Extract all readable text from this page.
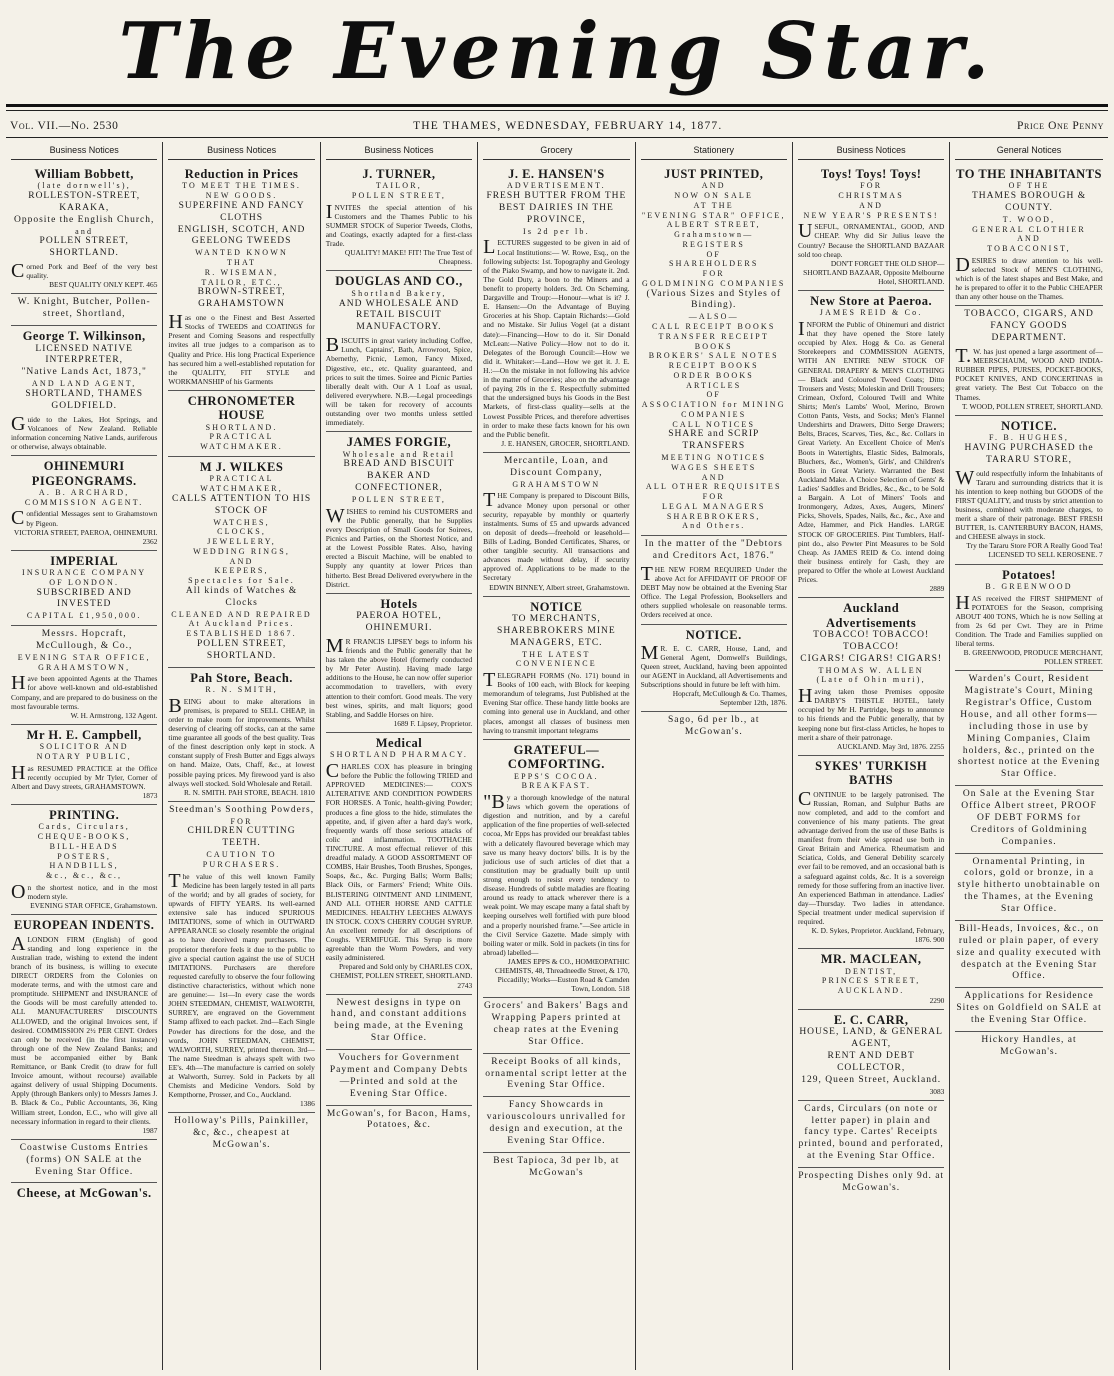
The Evening Star.
Vol. VII.—No. 2530	THE THAMES, WEDNESDAY, FEBRUARY 14, 1877.	Price One Penny
Business Notices
William Bobbett,
(late dornwell's),
ROLLESTON-STREET, KARAKA,
Opposite the English Church,
and
POLLEN STREET, SHORTLAND.
Corned Pork and Beef of the very best quality.
BEST QUALITY ONLY KEPT. 465
W. Knight, Butcher, Pollen-street, Shortland,
George T. Wilkinson,
LICENSED NATIVE INTERPRETER,
"Native Lands Act, 1873,"
AND LAND AGENT,
SHORTLAND, THAMES GOLDFIELD.
Guide to the Lakes, Hot Springs, and Volcanoes of New Zealand. Reliable information concerning Native Lands, auriferous or otherwise, always obtainable.
OHINEMURI PIGEONGRAMS.
A. B. ARCHARD,
COMMISSION AGENT.
Confidential Messages sent to Grahamstown by Pigeon.
VICTORIA STREET, PAEROA, OHINEMURI. 2362
IMPERIAL
INSURANCE COMPANY
OF LONDON.
SUBSCRIBED AND INVESTED
CAPITAL £1,950,000.
Messrs. Hopcraft, McCullough, & Co.,
EVENING STAR OFFICE,
GRAHAMSTOWN,
Have been appointed Agents at the Thames for above well-known and old-established Company, and are prepared to do business on the most favourable terms.
W. H. Armstrong, 132 Agent.
Mr H. E. Campbell,
SOLICITOR AND
NOTARY PUBLIC,
Has RESUMED PRACTICE at the Office recently occupied by Mr Tyler, Corner of Albert and Davy streets, GRAHAMSTOWN.
1873
PRINTING.
Cards, Circulars,
CHEQUE-BOOKS,
BILL-HEADS
POSTERS,
HANDBILLS,
&c., &c., &c.,
On the shortest notice, and in the most modern style.
EVENING STAR OFFICE, Grahamstown.
EUROPEAN INDENTS.
ALONDON FIRM (English) of good standing and long experience in the Australian trade, wishing to extend the indent branch of its business, is willing to execute DIRECT ORDERS from the Colonies on moderate terms, and with the utmost care and promptitude. SHIPMENT and INSURANCE of the Goods will be most carefully attended to. ALL MANUFACTURERS' DISCOUNTS ALLOWED, and the original Invoices sent, if desired. COMMISSION 2½ PER CENT. Orders can only be received (in the first instance) through one of the New Zealand Banks; and must be accompanied either by Bank Remittance, or Bank Credit (to draw for full Invoice amount, without recourse) available against delivery of usual Shipping Documents. Apply (through Bankers only) to Messrs James J. B. Black & Co., Public Accountants, 36, King William street, London, E.C., who will give all necessary information in regard to their clients.
1987
Coastwise Customs Entries (forms) ON SALE at the Evening Star Office.
Cheese, at McGowan's.
Business Notices
Reduction in Prices
TO MEET THE TIMES.
NEW GOODS.
SUPERFINE AND FANCY CLOTHS
ENGLISH, SCOTCH, AND GEELONG TWEEDS
WANTED KNOWN
THAT
R. WISEMAN,
TAILOR, ETC.,
BROWN-STREET, GRAHAMSTOWN
Has one o the Finest and Best Asserted Stocks of TWEEDS and COATINGS for Present and Coming Seasons and respectfully invites all true judges to a comparison as to Quality and Price. His long Practical Experience has secured him a well-established reputation for the QUALITY, FIT STYLE and WORKMANSHIP of his Garments
CHRONOMETER HOUSE
SHORTLAND.
PRACTICAL
WATCHMAKER.
M J. WILKES
PRACTICAL WATCHMAKER,
CALLS ATTENTION TO HIS STOCK OF
WATCHES,
CLOCKS,
JEWELLERY,
WEDDING RINGS,
AND
KEEPERS,
Spectacles for Sale.
All kinds of Watches & Clocks
CLEANED AND REPAIRED
At Auckland Prices.
ESTABLISHED 1867.
POLLEN STREET, SHORTLAND.
Pah Store, Beach.
R. N. SMITH,
BEING about to make alterations in premises, is prepared to SELL CHEAP, in order to make room for improvements. Whilst deserving of clearing off stocks, can at the same time guarantee all goods of the best quality. Teas of the finest description only kept in stock. A constant supply of Fresh Butter and Eggs always on hand. Maize, Oats, Chaff, &c., at lowest possible paying prices. My firewood yard is also always well stocked. Sold Wholesale and Retail.
R. N. SMITH. PAH STORE, BEACH. 1810
Steedman's Soothing Powders,
FOR
CHILDREN CUTTING TEETH.
CAUTION TO PURCHASERS.
The value of this well known Family Medicine has been largely tested in all parts of the world; and by all grades of society, for upwards of FIFTY YEARS. Its well-earned extensive sale has induced SPURIOUS IMITATIONS, some of which in OUTWARD APPEARANCE so closely resemble the original as to have deceived many purchasers. The proprietor therefore feels it due to the public to give a special caution against the use of SUCH IMITATIONS. Purchasers are therefore requested carefully to observe the four following distinctive characteristics, without which none are genuine:— 1st—In every case the words JOHN STEEDMAN, CHEMIST, WALWORTH, SURREY, are engraved on the Government Stamp affixed to each packet. 2nd—Each Single Powder has directions for the dose, and the words, JOHN STEEDMAN, CHEMIST, WALWORTH, SURREY, printed thereon. 3rd—The name Steedman is always spelt with two EE's. 4th—The manufacture is carried on solely at Walworth, Surrey. Sold in Packets by all Chemists and Medicine Vendors. Sold by Kempthorne, Prosser, and Co., Auckland.
1386
Holloway's Pills, Painkiller, &c, &c., cheapest at McGowan's.
Business Notices
J. TURNER,
TAILOR,
POLLEN STREET,
INVITES the special attention of his Customers and the Thames Public to his SUMMER STOCK of Superior Tweeds, Cloths, and Coatings, exactly adapted for a first-class Trade.
QUALITY! MAKE! FIT! The True Test of Cheapness.
DOUGLAS AND CO.,
Shortland Bakery,
AND WHOLESALE AND RETAIL BISCUIT MANUFACTORY.
BISCUITS in great variety including Coffee, Lunch, Captains', Bath, Arrowroot, Spice, Abernethy, Picnic, Lemon, Fancy Mixed, Digestive, etc., etc. Quality guaranteed, and prices to suit the times. Soiree and Picnic Parties liberally dealt with. Our A 1 Loaf as usual, delivered everywhere. N.B.—Legal proceedings will be taken for recovery of accounts outstanding over two months unless settled immediately.
JAMES FORGIE,
Wholesale and Retail
BREAD AND BISCUIT BAKER AND CONFECTIONER,
POLLEN STREET,
WISHES to remind his CUSTOMERS and the Public generally, that he Supplies every Description of Small Goods for Soirees, Picnics and Parties, on the Shortest Notice, and at the Lowest Possible Rates. Also, having erected a Biscuit Machine, will be enabled to Supply any quantity at lower Prices than hitherto. Best Bread Delivered everywhere in the District.
Hotels
PAEROA HOTEL, OHINEMURI.
MR FRANCIS LIPSEY begs to inform his friends and the Public generally that he has taken the above Hotel (formerly conducted by Mr Peter Austin). Having made large additions to the House, he can now offer superior accommodation to travellers, with every attention to their comfort. Good meals. The very best wines, spirits, and malt liquors; good Stabling, and Saddle Horses on hire.
1689 F. Lipsey, Proprietor.
Medical
SHORTLAND PHARMACY.
CHARLES COX has pleasure in bringing before the Public the following TRIED and APPROVED MEDICINES:— COX'S ALTERATIVE AND CONDITION POWDERS FOR HORSES. A Tonic, health-giving Powder; produces a fine gloss to the hide, stimulates the appetite, and, if given after a hard day's work, frequently wards off those serious attacks of colic and inflammation. TOOTHACHE TINCTURE. A most effectual reliever of this dreadful malady. A GOOD ASSORTMENT OF COMBS, Hair Brushes, Tooth Brushes, Sponges, Soaps, &c., &c. Purging Balls; Worm Balls; Black Oils, or Farmers' Friend; White Oils. BLISTERING OINTMENT AND LINIMENT, AND ALL OTHER HORSE AND CATTLE MEDICINES. HEALTHY LEECHES ALWAYS IN STOCK. COX'S CHERRY COUGH SYRUP. An excellent remedy for all descriptions of Coughs. VERMIFUGE. This Syrup is more agreeable than the Worm Powders, and very easily administered.
Prepared and Sold only by CHARLES COX, CHEMIST, POLLEN STREET, SHORTLAND. 2743
Newest designs in type on hand, and constant additions being made, at the Evening Star Office.
Vouchers for Government Payment and Company Debts—Printed and sold at the Evening Star Office.
McGowan's, for Bacon, Hams, Potatoes, &c.
Grocery
J. E. HANSEN'S
ADVERTISEMENT.
FRESH BUTTER FROM THE BEST DAIRIES IN THE PROVINCE,
Is 2d per lb.
LECTURES suggested to be given in aid of Local Institutions:— W. Rowe, Esq., on the following subjects: 1st. Topography and Geology of the Piako Swamp, and how to navigate it. 2nd. The Gold Duty, a boon to the Miners and a benefit to property holders. 3rd. On Scheming. Dargaville and Troup:—Honour—what is it? J. E. Hansen:—On the Advantage of Buying Groceries at his Shop. Captain Richards:—Gold and no Mistake. Sir Julius Vogel (at a distant date):—Financing—How to do it. Sir Donald McLean:—Native Policy—How not to do it. Delegates of the Borough Council:—How we did it. Whitaker:—Land—How we get it. J. E. H.:—On the mistake in not following his advice in the matter of Groceries; also on the advantage of paying 20s in the £. Respectfully submitted that the undersigned buys his Goods in the Best Markets, of first-class quality—sells at the Lowest Possible Prices, and therefore advertises in order to make these facts known for his own and the Public benefit.
J. E. HANSEN, GROCER, SHORTLAND.
Mercantile, Loan, and Discount Company,
GRAHAMSTOWN
THE Company is prepared to Discount Bills, advance Money upon personal or other security, repayable by monthly or quarterly instalments. Sums of £5 and upwards advanced on deposit of deeds—freehold or leasehold—Bills of Lading, Bonded Certificates, Shares, or other tangible security. All transactions and advances made without delay, if security approved of. Applications to be made to the Secretary
EDWIN BINNEY, Albert street, Grahamstown.
NOTICE
TO MERCHANTS, SHAREBROKERS MINE MANAGERS, ETC.
THE LATEST CONVENIENCE
TELEGRAPH FORMS (No. 171) bound in Books of 100 each, with Block for keeping memorandum of telegrams, Just Published at the Evening Star office. These handy little books are coming into general use in Auckland, and other places, amongst all classes of business men having to transmit important telegrams
GRATEFUL—COMFORTING.
EPPS'S COCOA.
BREAKFAST.
"By a thorough knowledge of the natural laws which govern the operations of digestion and nutrition, and by a careful application of the fine properties of well-selected cocoa, Mr Epps has provided our breakfast tables with a delicately flavoured beverage which may save us many heavy doctors' bills. It is by the judicious use of such articles of diet that a constitution may be gradually built up until strong enough to resist every tendency to disease. Hundreds of subtle maladies are floating around us ready to attack wherever there is a weak point. We may escape many a fatal shaft by keeping ourselves well fortified with pure blood and a properly nourished frame."—See article in the Civil Service Gazette. Made simply with boiling water or milk. Sold in packets (in tins for abroad) labelled—
JAMES EPPS & CO., HOMŒOPATHIC CHEMISTS, 48, Threadneedle Street, & 170, Piccadilly; Works—Euston Road & Camden Town, London. 518
Grocers' and Bakers' Bags and Wrapping Papers printed at cheap rates at the Evening Star Office.
Receipt Books of all kinds, ornamental script letter at the Evening Star Office.
Fancy Showcards in variouscolours unrivalled for design and execution, at the Evening Star Office.
Best Tapioca, 3d per lb, at McGowan's
Stationery
JUST PRINTED,
AND
NOW ON SALE
AT THE
"EVENING STAR" OFFICE,
ALBERT STREET,
Grahamstown—
REGISTERS
OF
SHAREHOLDERS
FOR
GOLDMINING COMPANIES
(Various Sizes and Styles of Binding).
—ALSO—
CALL RECEIPT BOOKS
TRANSFER RECEIPT BOOKS
BROKERS' SALE NOTES
RECEIPT BOOKS
ORDER BOOKS
ARTICLES
OF
ASSOCIATION for MINING
COMPANIES
CALL NOTICES
SHARE and SCRIP TRANSFERS
MEETING NOTICES
WAGES SHEETS
AND
ALL OTHER REQUISITES
FOR
LEGAL MANAGERS
SHAREBROKERS,
And Others.
In the matter of the "Debtors and Creditors Act, 1876."
THE NEW FORM REQUIRED Under the above Act for AFFIDAVIT OF PROOF OF DEBT May now be obtained at the Evening Star Office. The Legal Profession, Booksellers and others supplied wholesale on reasonable terms. Orders received at once.
NOTICE.
MR. E. C. CARR, House, Land, and General Agent, Domwell's Buildings, Queen street, Auckland, having been appointed our AGENT in Auckland, all Advertisements and Subscriptions should in future be left with him.
Hopcraft, McCullough & Co. Thames, September 12th, 1876.
Sago, 6d per lb., at McGowan's.
Business Notices
Toys! Toys! Toys!
FOR
CHRISTMAS
AND
NEW YEAR'S PRESENTS!
USEFUL, ORNAMENTAL, GOOD, AND CHEAP. Why did Sir Julius leave the Country? Because the SHORTLAND BAZAAR sold too cheap.
DON'T FORGET THE OLD SHOP— SHORTLAND BAZAAR, Opposite Melbourne Hotel, SHORTLAND.
New Store at Paeroa.
JAMES REID & Co.
INFORM the Public of Ohinemuri and district that they have opened the Store lately occupied by Alex. Hogg & Co. as General Storekeepers and COMMISSION AGENTS, WITH AN ENTIRE NEW STOCK OF GENERAL DRAPERY & MEN'S CLOTHING— Black and Coloured Tweed Coats; Ditto Trousers and Vests; Moleskin and Drill Trousers; Crimean, Oxford, Coloured Twill and White Shirts; Men's Lambs' Wool, Merino, Brown Cotton Pants, Vests, and Socks; Men's Flannel Undershirts and Drawers, Ditto Serge Drawers; Belts, Braces, Scarves, Ties, &c., &c. Collars in Great Variety. An Excellent Choice of Men's Boots in Watertights, Elastic Sides, Balmorals, Bluchers, &c., Women's, Girls', and Children's Boots in Great Variety. Warranted the Best Auckland Make. A Choice Selection of Gents' & Ladies' Saddles and Bridles, &c., &c., to be Sold a Bargain. A Lot of Miners' Tools and Ironmongery, Adzes, Axes, Augers, Miners' Picks, Shovels, Spades, Nails, &c., &c., Axe and Adze, Hammer, and Pick Handles. LARGE STOCK OF GROCERIES. Pint Tumblers, Half-pint do., also Pewter Pint Measures to be Sold Cheap. As JAMES REID & Co. intend doing their business entirely for Cash, they are prepared to Offer the whole at Lowest Auckland Prices.
2889
Auckland Advertisements
TOBACCO! TOBACCO! TOBACCO!
CIGARS! CIGARS! CIGARS!
THOMAS W. ALLEN
(Late of Ohin muri),
Having taken those Premises opposite DARBY'S THISTLE HOTEL, lately occupied by Mr H. Partridge, begs to announce to his friends and the Public generally, that by keeping none but first-class Articles, he hopes to merit a share of their patronage.
AUCKLAND. May 3rd, 1876. 2255
SYKES' TURKISH BATHS
CONTINUE to be largely patronised. The Russian, Roman, and Sulphur Baths are now completed, and add to the comfort and convenience of his many patients. The great advantage derived from the use of these Baths is manifest from their wide spread use both in Great Britain and America. Rheumatism and Sciatica, Colds, and General Debility scarcely ever fail to be removed, and an occasional bath is a safeguard against colds, &c. It is a sovereign remedy for those suffering from an inactive liver. An experienced Bathman in attendance. Ladies' day—Thursday. Two ladies in attendance. Special treatment under medical supervision if required.
K. D. Sykes, Proprietor. Auckland, February, 1876. 900
MR. MACLEAN,
DENTIST,
PRINCES STREET,
AUCKLAND.
2290
E. C. CARR,
HOUSE, LAND, & GENERAL AGENT,
RENT AND DEBT COLLECTOR,
129, Queen Street, Auckland.
3083
Cards, Circulars (on note or letter paper) in plain and fancy type. Cartes' Receipts printed, bound and perforated, at the Evening Star Office.
Prospecting Dishes only 9d. at McGowan's.
General Notices
TO THE INHABITANTS
OF THE
THAMES BOROUGH & COUNTY.
T. WOOD,
GENERAL CLOTHIER
AND
TOBACCONIST,
DESIRES to draw attention to his well-selected Stock of MEN'S CLOTHING, which is of the latest shapes and Best Make, and he is prepared to offer it to the Public CHEAPER than any other house on the Thames.
TOBACCO, CIGARS, AND FANCY GOODS DEPARTMENT.
T.W. has just opened a large assortment of— MEERSCHAUM, WOOD AND INDIA-RUBBER PIPES, PURSES, POCKET-BOOKS, POCKET KNIVES, AND CONCERTINAS in great variety. The Best Cut Tobacco on the Thames.
T. WOOD, POLLEN STREET, SHORTLAND.
NOTICE.
F. B. HUGHES,
HAVING PURCHASED the TARARU STORE,
Would respectfully inform the Inhabitants of Tararu and surrounding districts that it is his intention to keep nothing but GOODS of the FIRST QUALITY, and trusts by strict attention to business, combined with moderate charges, to merit a share of their patronage. BEST FRESH BUTTER, 1s. CANTERBURY BACON, HAMS, and CHEESE always in stock.
Try the Tararu Store FOR A Really Good Tea! LICENSED TO SELL KEROSENE. 7
Potatoes!
B. GREENWOOD
HAS received the FIRST SHIPMENT of POTATOES for the Season, comprising ABOUT 400 TONS, Which he is now Selling at from 2s 6d per Cwt. They are in Prime Condition. The Trade and Families supplied on liberal terms.
B. GREENWOOD, PRODUCE MERCHANT, POLLEN STREET.
Warden's Court, Resident Magistrate's Court, Mining Registrar's Office, Custom House, and all other forms—including those in use by Mining Companies, Claim holders, &c., printed on the shortest notice at the Evening Star Office.
On Sale at the Evening Star Office Albert street, PROOF OF DEBT FORMS for Creditors of Goldmining Companies.
Ornamental Printing, in colors, gold or bronze, in a style hitherto unobtainable on the Thames, at the Evening Star Office.
Bill-Heads, Invoices, &c., on ruled or plain paper, of every size and quality executed with despatch at the Evening Star Office.
Applications for Residence Sites on Goldfield on SALE at the Evening Star Office.
Hickory Handles, at McGowan's.
